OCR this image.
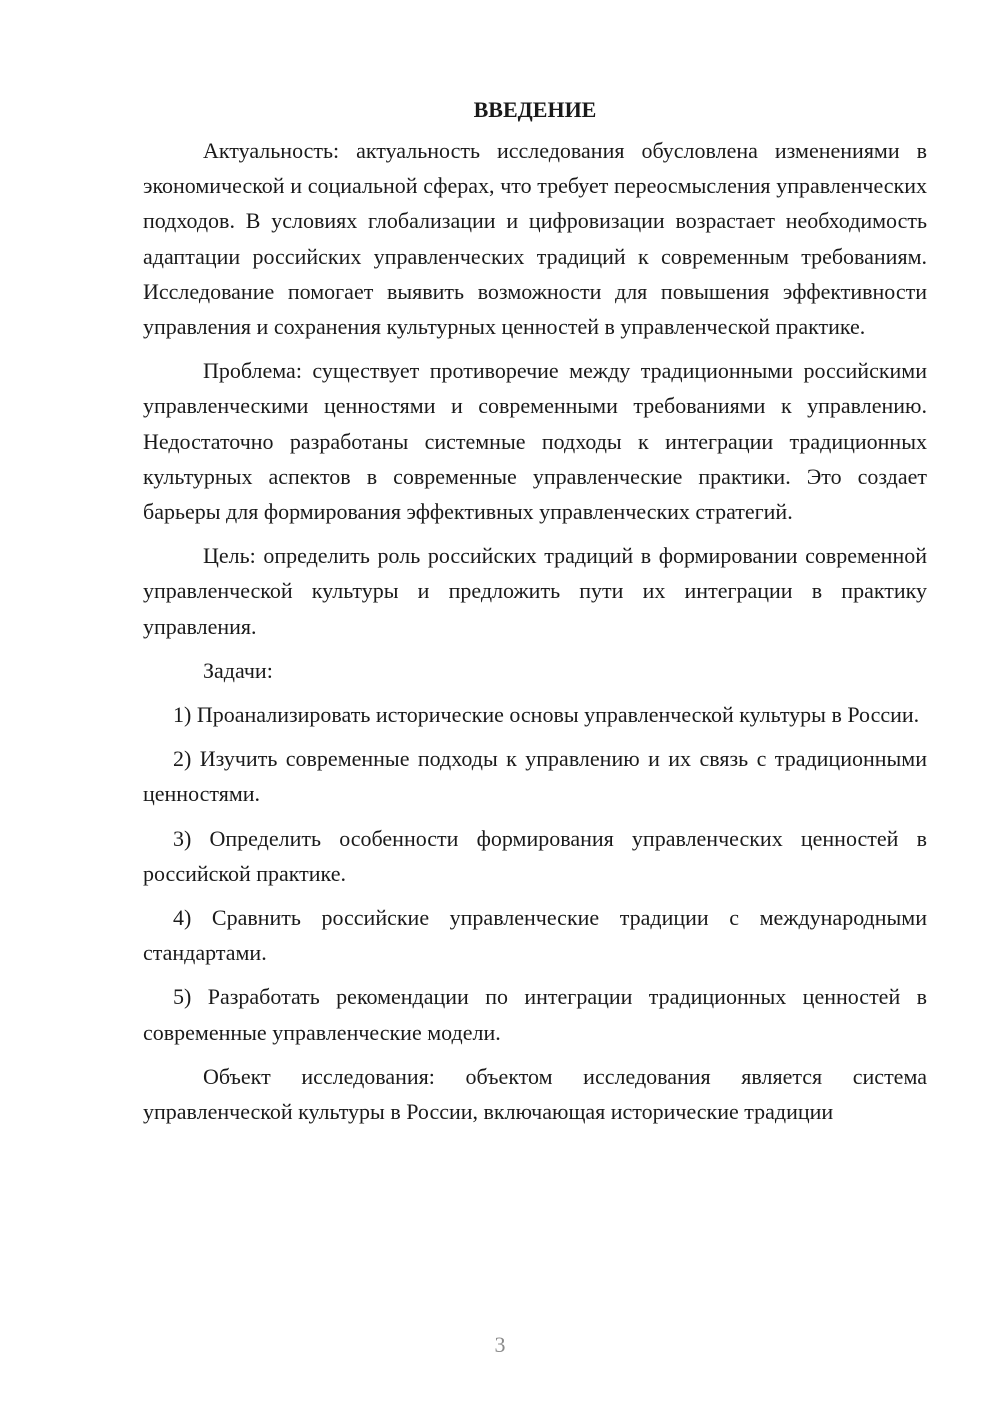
ВВЕДЕНИЕ

Актуальность: актуальность исследования обусловлена изменениями в экономической и социальной сферах, что требует переосмысления управленческих подходов. В условиях глобализации и цифровизации возрастает необходимость адаптации российских управленческих традиций к современным требованиям. Исследование помогает выявить возможности для повышения эффективности управления и сохранения культурных ценностей в управленческой практике.

Проблема: существует противоречие между традиционными российскими управленческими ценностями и современными требованиями к управлению. Недостаточно разработаны системные подходы к интеграции традиционных культурных аспектов в современные управленческие практики. Это создает барьеры для формирования эффективных управленческих стратегий.

Цель: определить роль российских традиций в формировании современной управленческой культуры и предложить пути их интеграции в практику управления.

Задачи:

1) Проанализировать исторические основы управленческой культуры в России.

2) Изучить современные подходы к управлению и их связь с традиционными ценностями.

3) Определить особенности формирования управленческих ценностей в российской практике.

4) Сравнить российские управленческие традиции с международными стандартами.

5) Разработать рекомендации по интеграции традиционных ценностей в современные управленческие модели.

Объект исследования: объектом исследования является система управленческой культуры в России, включающая исторические традиции

3
